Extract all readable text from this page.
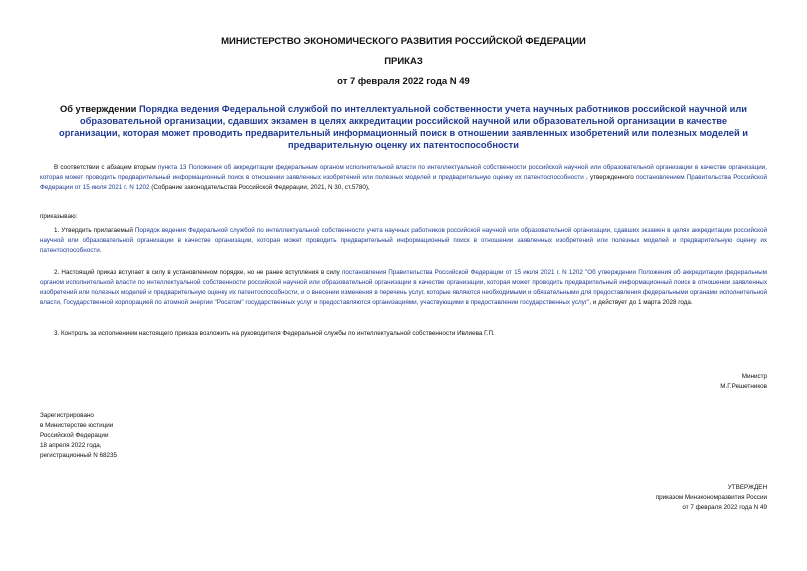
МИНИСТЕРСТВО ЭКОНОМИЧЕСКОГО РАЗВИТИЯ РОССИЙСКОЙ ФЕДЕРАЦИИ
ПРИКАЗ
от 7 февраля 2022 года N 49
Об утверждении Порядка ведения Федеральной службой по интеллектуальной собственности учета научных работников российской научной или образовательной организации, сдавших экзамен в целях аккредитации российской научной или образовательной организации в качестве организации, которая может проводить предварительный информационный поиск в отношении заявленных изобретений или полезных моделей и предварительную оценку их патентоспособности
В соответствии с абзацем вторым пункта 13 Положения об аккредитации федеральным органом исполнительной власти по интеллектуальной собственности российской научной или образовательной организации в качестве организации, которая может проводить предварительный информационный поиск в отношении заявленных изобретений или полезных моделей и предварительную оценку их патентоспособности , утвержденного постановлением Правительства Российской Федерации от 15 июля 2021 г. N 1202 (Собрание законодательства Российской Федерации, 2021, N 30, ст.5780),
приказываю:
1. Утвердить прилагаемый Порядок ведения Федеральной службой по интеллектуальной собственности учета научных работников российской научной или образовательной организации, сдавших экзамен в целях аккредитации российской научной или образовательной организации в качестве организации, которая может проводить предварительный информационный поиск в отношении заявленных изобретений или полезных моделей и предварительную оценку их патентоспособности.
2. Настоящий приказ вступает в силу в установленном порядке, но не ранее вступления в силу постановления Правительства Российской Федерации от 15 июля 2021 г. N 1202 "Об утверждении Положения об аккредитации федеральным органом исполнительной власти по интеллектуальной собственности российской научной или образовательной организации в качестве организации, которая может проводить предварительный информационный поиск в отношении заявленных изобретений или полезных моделей и предварительную оценку их патентоспособности, и о внесении изменения в перечень услуг, которые являются необходимыми и обязательными для предоставления федеральными органами исполнительной власти, Государственной корпорацией по атомной энергии "Росатом" государственных услуг и предоставляются организациями, участвующими в предоставлении государственных услуг", и действует до 1 марта 2028 года.
3. Контроль за исполнением настоящего приказа возложить на руководителя Федеральной службы по интеллектуальной собственности Ивлиева Г.П.
Министр
М.Г.Решетников
Зарегистрировано
в Министерстве юстиции
Российской Федерации
18 апреля 2022 года,
регистрационный N 68235
УТВЕРЖДЕН
приказом Минэкономразвития России
от 7 февраля 2022 года N 49
